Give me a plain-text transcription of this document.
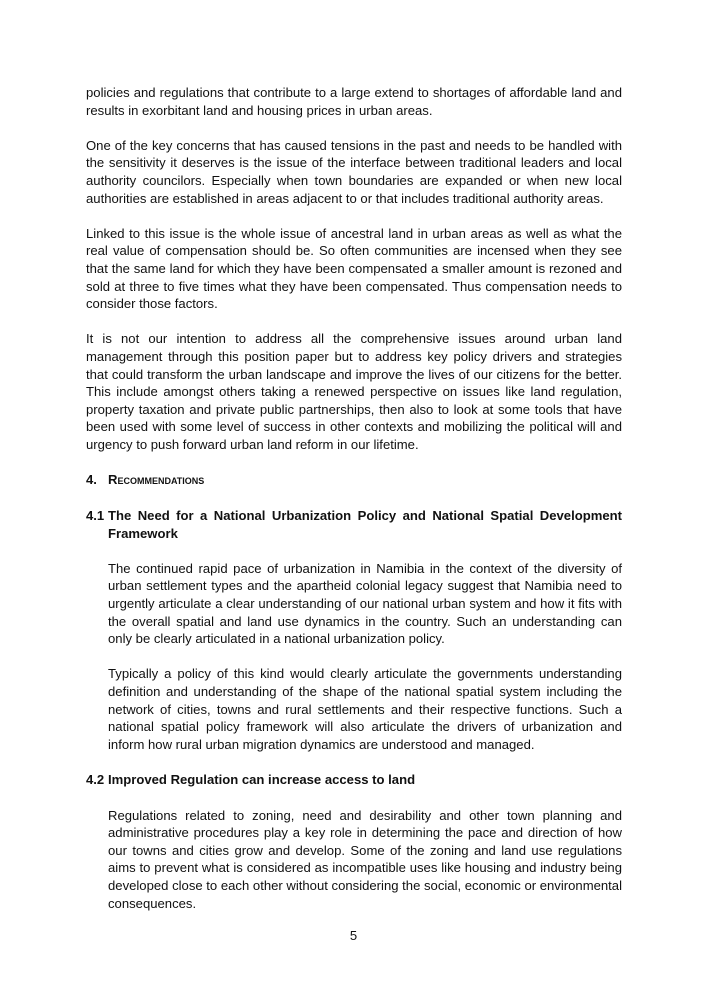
policies and regulations that contribute to a large extend to shortages of affordable land and results in exorbitant land and housing prices in urban areas.

One of the key concerns that has caused tensions in the past and needs to be handled with the sensitivity it deserves is the issue of the interface between traditional leaders and local authority councilors. Especially when town boundaries are expanded or when new local authorities are established in areas adjacent to or that includes traditional authority areas.

Linked to this issue is the whole issue of ancestral land in urban areas as well as what the real value of compensation should be. So often communities are incensed when they see that the same land for which they have been compensated a smaller amount is rezoned and sold at three to five times what they have been compensated. Thus compensation needs to consider those factors.

It is not our intention to address all the comprehensive issues around urban land management through this position paper but to address key policy drivers and strategies that could transform the urban landscape and improve the lives of our citizens for the better. This include amongst others taking a renewed perspective on issues like land regulation, property taxation and private public partnerships, then also to look at some tools that have been used with some level of success in other contexts and mobilizing the political will and urgency to push forward urban land reform in our lifetime.

4. Recommendations
4.1 The Need for a National Urbanization Policy and National Spatial Development Framework

The continued rapid pace of urbanization in Namibia in the context of the diversity of urban settlement types and the apartheid colonial legacy suggest that Namibia need to urgently articulate a clear understanding of our national urban system and how it fits with the overall spatial and land use dynamics in the country. Such an understanding can only be clearly articulated in a national urbanization policy.

Typically a policy of this kind would clearly articulate the governments understanding definition and understanding of the shape of the national spatial system including the network of cities, towns and rural settlements and their respective functions. Such a national spatial policy framework will also articulate the drivers of urbanization and inform how rural urban migration dynamics are understood and managed.

4.2 Improved Regulation can increase access to land

Regulations related to zoning, need and desirability and other town planning and administrative procedures play a key role in determining the pace and direction of how our towns and cities grow and develop. Some of the zoning and land use regulations aims to prevent what is considered as incompatible uses like housing and industry being developed close to each other without considering the social, economic or environmental consequences.

5
